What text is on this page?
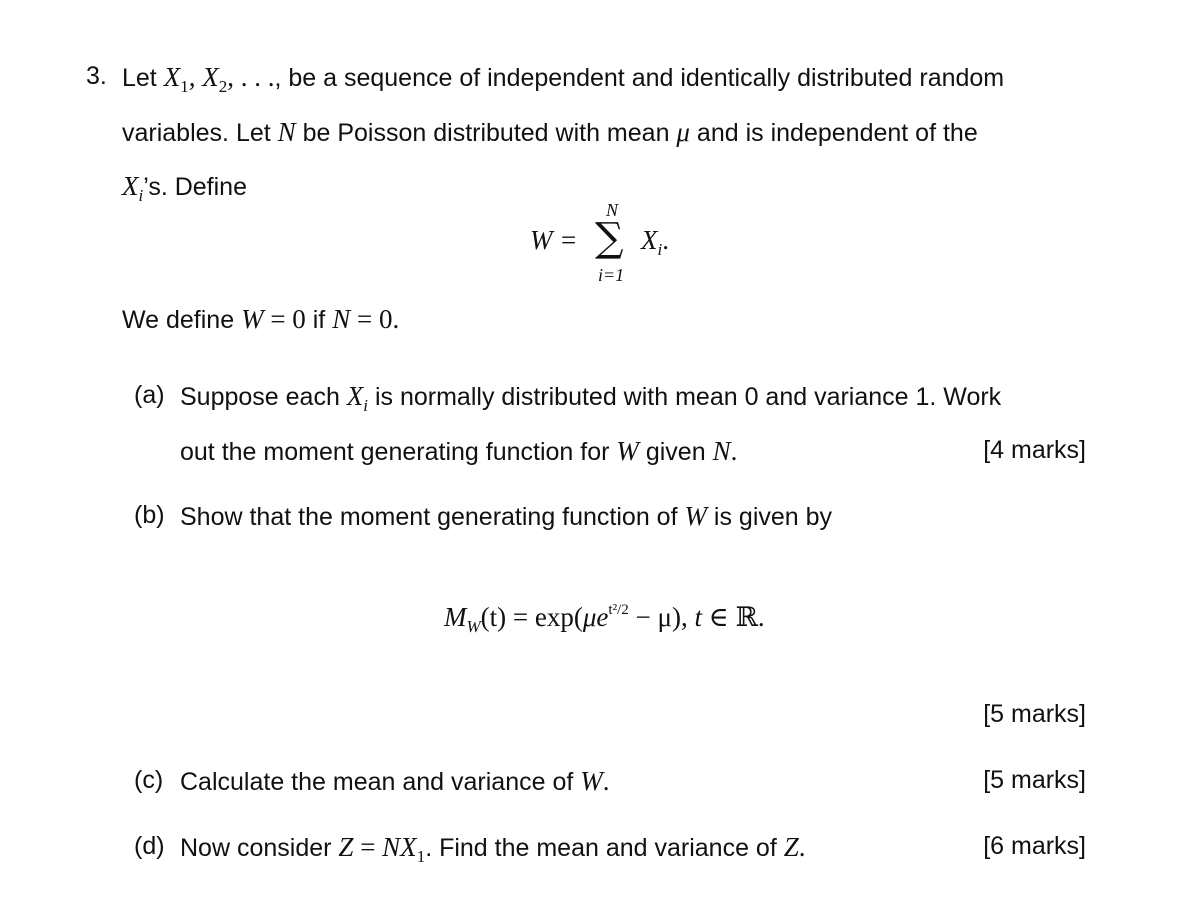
3. Let $X_1$, $X_2$, . . ., be a sequence of independent and identically distributed random
variables. Let N be Poisson distributed with mean μ and is independent of the
$X_i’s$. Define
W =
N
∑
i=1
$X_i$.
We define W = 0 if N = 0.
(a) Suppose each $X_i$ is normally distributed with mean 0 and variance 1. Work
out the moment generating function for W given N.	[4 marks]
(b) Show that the moment generating function of W is given by
$M_W(t) = \exp(\mu e^{t^2/2} - \mu)$, t ∈ ℝ.
[5 marks]
(c) Calculate the mean and variance of W.	[5 marks]
(d) Now consider $Z = NX_1$. Find the mean and variance of Z.	[6 marks]
